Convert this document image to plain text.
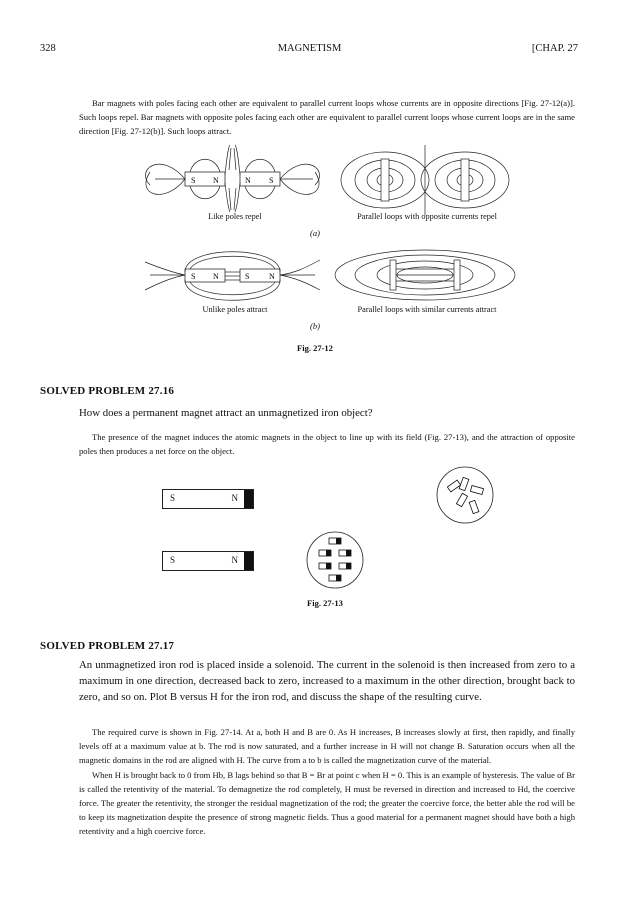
328	MAGNETISM	[CHAP. 27

Bar magnets with poles facing each other are equivalent to parallel current loops whose currents are in opposite directions [Fig. 27-12(a)]. Such loops repel. Bar magnets with opposite poles facing each other are equivalent to parallel current loops whose current loops are in the same direction [Fig. 27-12(b)]. Such loops attract.

S N	N S
Like poles repel	Parallel loops with opposite currents repel
(a)
S N	S N
Unlike poles attract	Parallel loops with similar currents attract
(b)
Fig. 27-12
SOLVED PROBLEM 27.16
How does a permanent magnet attract an unmagnetized iron object?

The presence of the magnet induces the atomic magnets in the object to line up with its field (Fig. 27-13), and the attraction of opposite poles then produces a net force on the object.

S	N
S	N
Fig. 27-13
SOLVED PROBLEM 27.17
An unmagnetized iron rod is placed inside a solenoid. The current in the solenoid is then increased from zero to a maximum in one direction, decreased back to zero, increased to a maximum in the other direction, brought back to zero, and so on. Plot B versus H for the iron rod, and discuss the shape of the resulting curve.

The required curve is shown in Fig. 27-14. At a, both H and B are 0. As H increases, B increases slowly at first, then rapidly, and finally levels off at a maximum value at b. The rod is now saturated, and a further increase in H will not change B. Saturation occurs when all the magnetic domains in the rod are aligned with H. The curve from a to b is called the magnetization curve of the material.

When H is brought back to 0 from Hb, B lags behind so that B = Br at point c when H = 0. This is an example of hysteresis. The value of Br is called the retentivity of the material. To demagnetize the rod completely, H must be reversed in direction and increased to Hd, the coercive force. The greater the retentivity, the stronger the residual magnetization of the rod; the greater the coercive force, the better able the rod will be to keep its magnetization despite the presence of strong magnetic fields. Thus a good material for a permanent magnet should have both a high retentivity and a high coercive force.
